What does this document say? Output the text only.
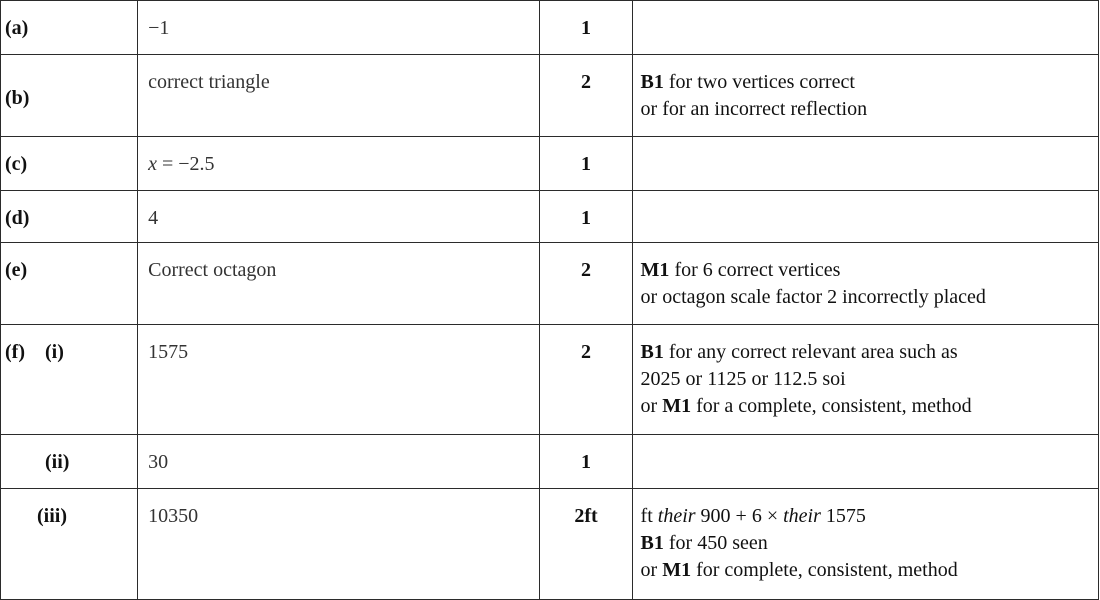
(a)	−1	1	

(b)	correct triangle	2	B1 for two vertices correct
or for an incorrect reflection

(c)	x = −2.5	1	

(d)	4	1	

(e)	Correct octagon	2	M1 for 6 correct vertices
or octagon scale factor 2 incorrectly placed

(f) (i)	1575	2	B1 for any correct relevant area such as
2025 or 1125 or 112.5 soi
or M1 for a complete, consistent, method

(ii)	30	1	

(iii)	10350	2ft	ft their 900 + 6 × their 1575
B1 for 450 seen
or M1 for complete, consistent, method
